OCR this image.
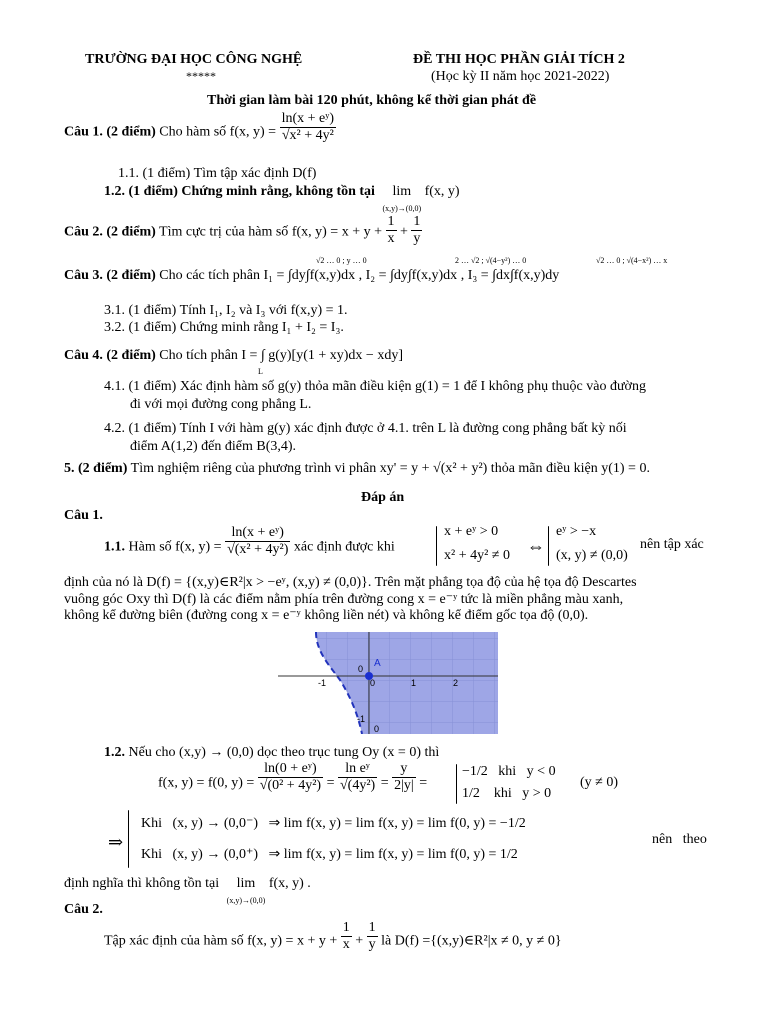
TRƯỜNG ĐẠI HỌC CÔNG NGHỆ
*****
ĐỀ THI HỌC PHẦN GIẢI TÍCH 2
(Học kỳ II năm học 2021-2022)
Thời gian làm bài 120 phút, không kể thời gian phát đề
Câu 1. (2 điểm) Cho hàm số f(x, $y) = \frac{\text{ln(x + eʸ)}}{\text{√x² + 4y²}}$
1.1. (1 điểm) Tìm tập xác định D(f)
1.2. (1 điểm) Chứng minh rằng, không tồn tại lim
(x,y)→(0,0) f(x, y)
Câu 2. (2 điểm) Tìm cực trị của hàm số f(x, $y) = x + y + \frac{1}{x} + \frac{1}{y}$
Câu 3. (2 điểm) Cho các tích phân I₁ = ∫dy∫f(x,y)dx , I₂ = ∫dy∫f(x,y)dx , I₃ = ∫dx∫f(x,y)dy
√2 … 0 ; y … 0	2 … √2 ; √(4−y²) … 0	√2 … 0 ; √(4−x²) … x
3.1. (1 điểm) Tính I₁, I₂ và I₃ với f(x,y) = 1.
3.2. (1 điểm) Chứng minh rằng I₁ + I₂ = I₃.
Câu 4. (2 điểm) Cho tích phân I = ∫ g(y)[y(1 + xy)dx − xdy]
L
4.1. (1 điểm) Xác định hàm số g(y) thỏa mãn điều kiện g(1) = 1 để I không phụ thuộc vào đường
đi với mọi đường cong phẳng L.
4.2. (1 điểm) Tính I với hàm g(y) xác định được ở 4.1. trên L là đường cong phẳng bất kỳ nối
điểm A(1,2) đến điểm B(3,4).
5. (2 điểm) Tìm nghiệm riêng của phương trình vi phân xy' = y + √(x² + y²) thỏa mãn điều kiện y(1) = 0.
Đáp án
Câu 1.
1.1. Hàm số f(x, $y) = \frac{\text{ln(x + eʸ)}}{\text{√(x² + 4y²)}}$ xác định được khi
x + eʸ > 0
x² + 4y² ≠ 0 ⇔
eʸ > −x
(x, y) ≠ (0,0)
nên tập xác
định của nó là D(f) = {(x,y)∈R²|x > −eʸ, (x,y) ≠ (0,0)}. Trên mặt phẳng tọa độ của hệ tọa độ Descartes
vuông góc Oxy thì D(f) là các điểm nằm phía trên đường cong x = e⁻ʸ tức là miền phẳng màu xanh,
không kể đường biên (đường cong x = e⁻ʸ không liền nét) và không kể điểm gốc tọa độ (0,0).
A
0
-1	0	1	2
-1
0
1.2. Nếu cho (x,y) → (0,0) dọc theo trục tung Oy (x = 0) thì
f(x, y) = f(0, $y) = \frac{\text{ln(0 + eʸ)}}{\text{√(0² + 4y²)}} = \frac{\text{ln eʸ}}{\text{√(4y²)}} = \frac{y}{2|y|}$ =
−1/2   khi   y < 0
1/2    khi   y > 0
(y ≠ 0)
⇒
Khi   (x, y) → (0,0⁻)   ⇒ lim f(x, y) = lim f(x, y) = lim f(0, y) = −1/2
Khi   (x, y) → (0,0⁺)   ⇒ lim f(x, y) = lim f(x, y) = lim f(0, y) = 1/2
nên   theo
định nghĩa thì không tồn tại lim
(x,y)→(0,0) f(x, y) .
Câu 2.
Tập xác định của hàm số f(x, $y) = x + y + \frac{1}{x} + \frac{1}{y}$ là D(f) ={(x,y)∈R²|x ≠ 0, y ≠ 0}
